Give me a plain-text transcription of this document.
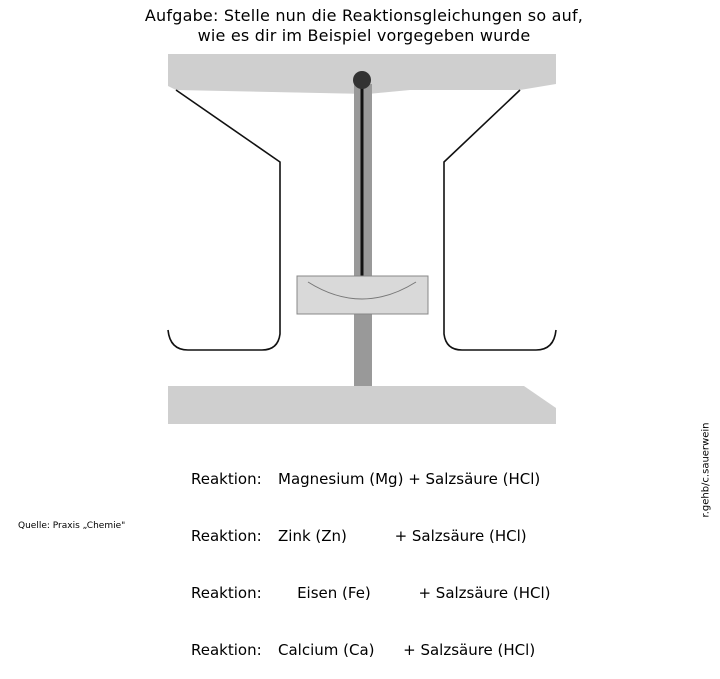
Aufgabe: Stelle nun die Reaktionsgleichungen so auf,
wie es dir im Beispiel vorgegeben wurde

Reaktion:

Reaktion:

Reaktion:

Reaktion:

Magnesium (Mg) + Salzsäure (HCl)

Zink (Zn)          + Salzsäure (HCl)

Eisen (Fe)          + Salzsäure (HCl)

Calcium (Ca)      + Salzsäure (HCl)

r.gehb/c.sauerwein
Quelle: Praxis „Chemie"
